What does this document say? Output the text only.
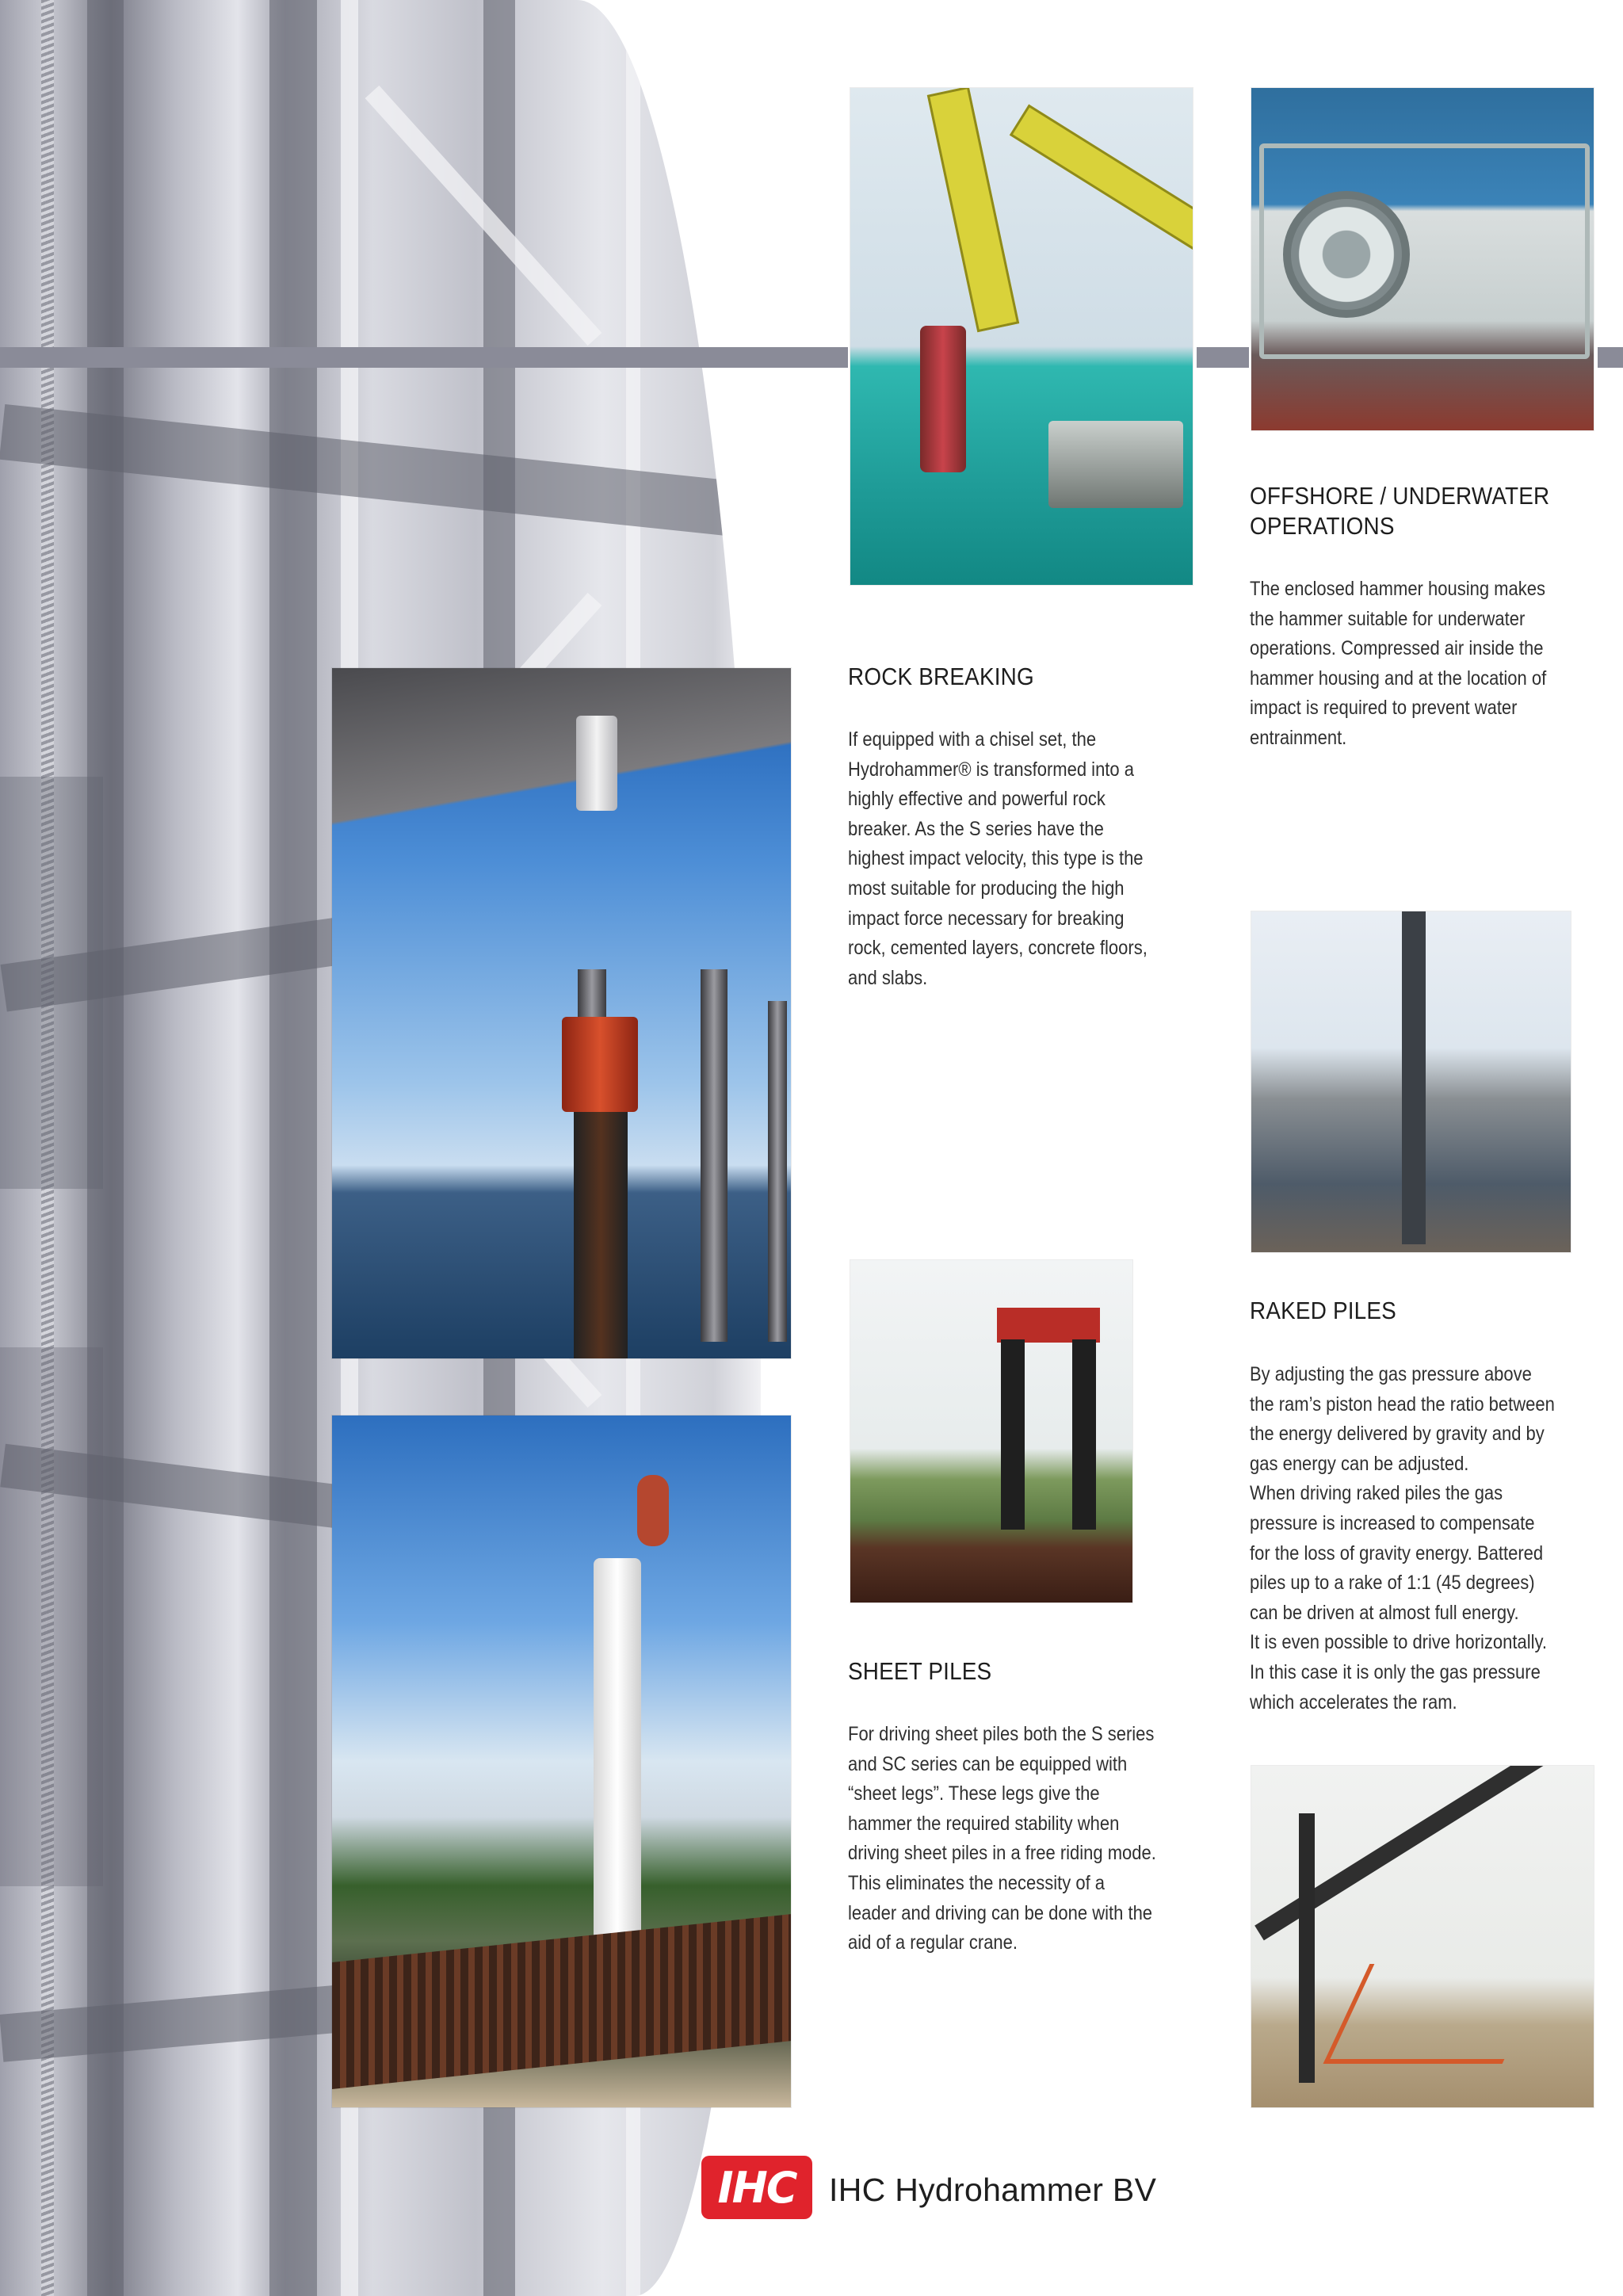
ROCK BREAKING

If equipped with a chisel set, the

Hydrohammer® is transformed into a

highly effective and powerful rock

breaker. As the S series have the

highest impact velocity, this type is the

most suitable for producing the high

impact force necessary for breaking

rock, cemented layers, concrete floors,

and slabs.

OFFSHORE / UNDERWATER
OPERATIONS

The enclosed hammer housing makes

the hammer suitable for underwater

operations. Compressed air inside the

hammer housing and at the location of

impact is required to prevent water

entrainment.

RAKED PILES

By adjusting the gas pressure above

the ram’s piston head the ratio between

the energy delivered by gravity and by

gas energy can be adjusted.

When driving raked piles the gas

pressure is increased to compensate

for the loss of gravity energy. Battered

piles up to a rake of 1:1 (45 degrees)

can be driven at almost full energy.

It is even possible to drive horizontally.

In this case it is only the gas pressure

which accelerates the ram.

SHEET PILES

For driving sheet piles both the S series

and SC series can be equipped with

“sheet legs”. These legs give the

hammer the required stability when

driving sheet piles in a free riding mode.

This eliminates the necessity of a

leader and driving can be done with the

aid of a regular crane.

IHC IHC Hydrohammer BV
